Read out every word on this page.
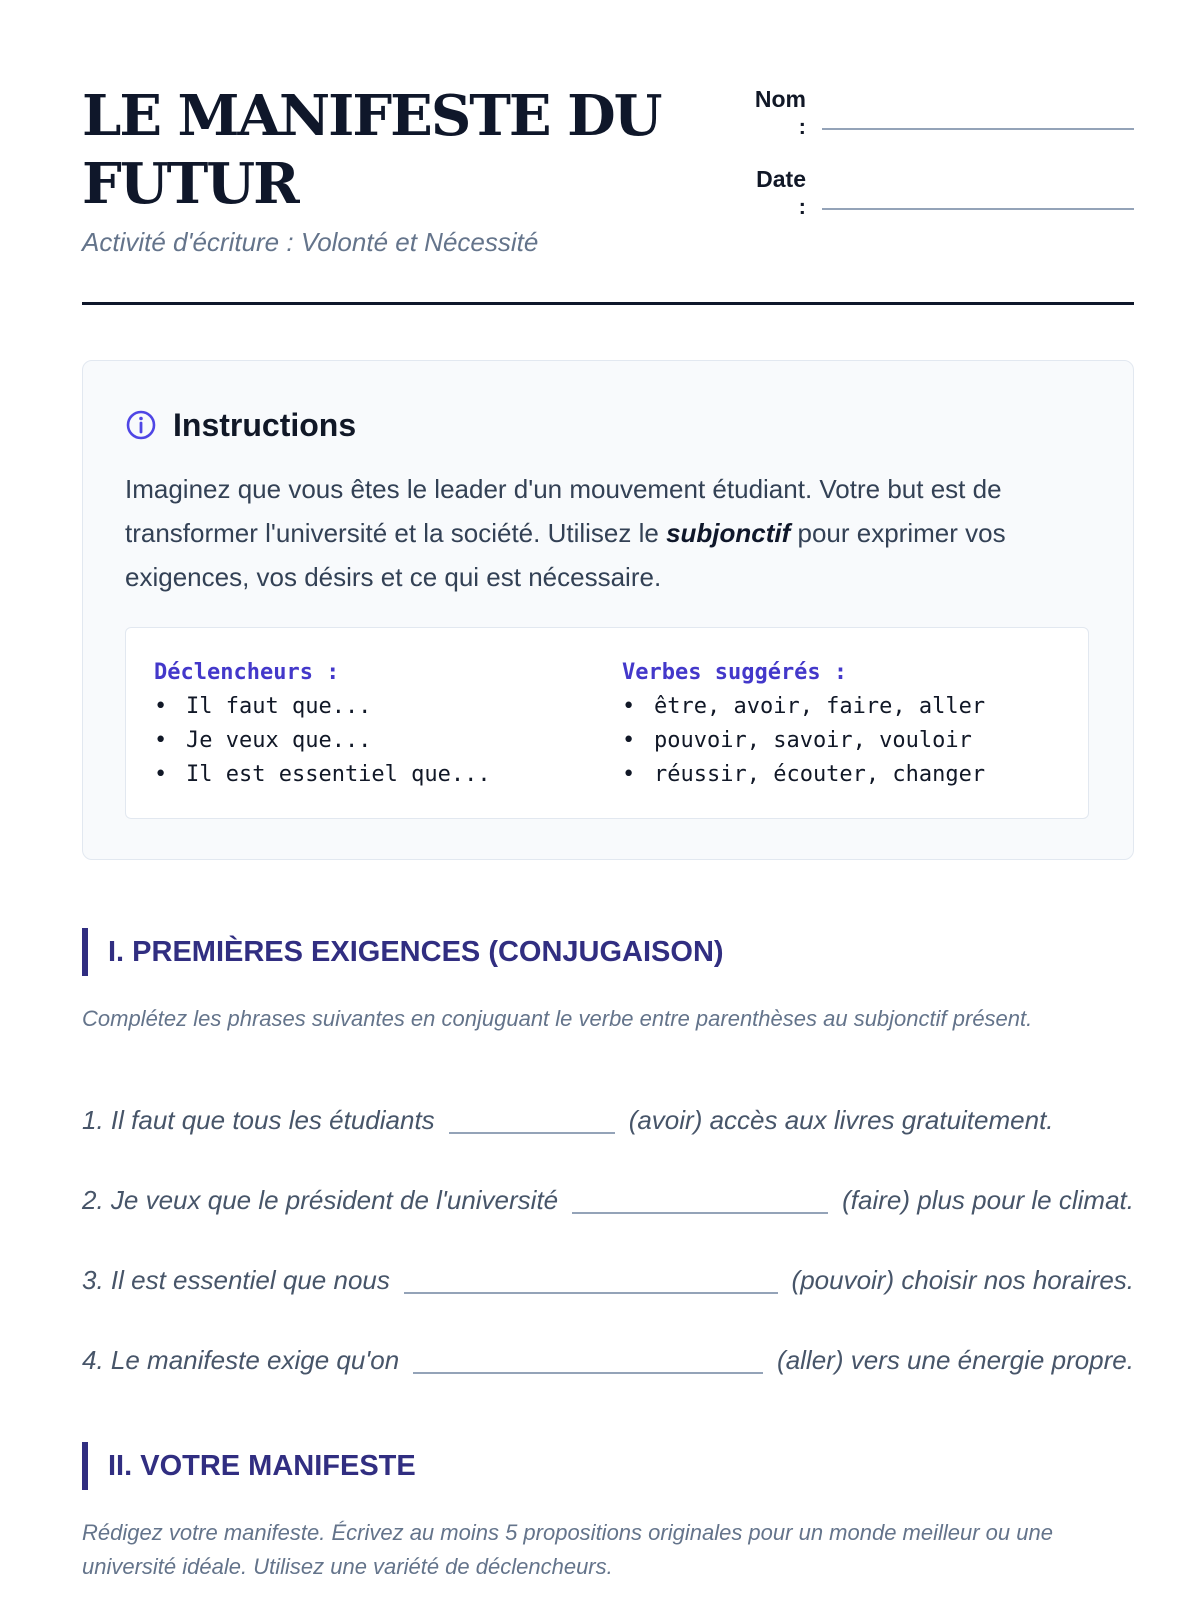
LE MANIFESTE DU FUTUR
Activité d'écriture : Volonté et Nécessité
Nom
:
Date
:
Instructions
Imaginez que vous êtes le leader d'un mouvement étudiant. Votre but est de transformer l'université et la société. Utilisez le subjonctif pour exprimer vos exigences, vos désirs et ce qui est nécessaire.
Déclencheurs :
• Il faut que...
• Je veux que...
• Il est essentiel que...
Verbes suggérés :
• être, avoir, faire, aller
• pouvoir, savoir, vouloir
• réussir, écouter, changer
I. PREMIÈRES EXIGENCES (CONJUGAISON)
Complétez les phrases suivantes en conjuguant le verbe entre parenthèses au subjonctif présent.
1. Il faut que tous les étudiants	(avoir) accès aux livres gratuitement.
2. Je veux que le président de l'université	(faire) plus pour le climat.
3. Il est essentiel que nous	(pouvoir) choisir nos horaires.
4. Le manifeste exige qu'on	(aller) vers une énergie propre.
II. VOTRE MANIFESTE
Rédigez votre manifeste. Écrivez au moins 5 propositions originales pour un monde meilleur ou une université idéale. Utilisez une variété de déclencheurs.
